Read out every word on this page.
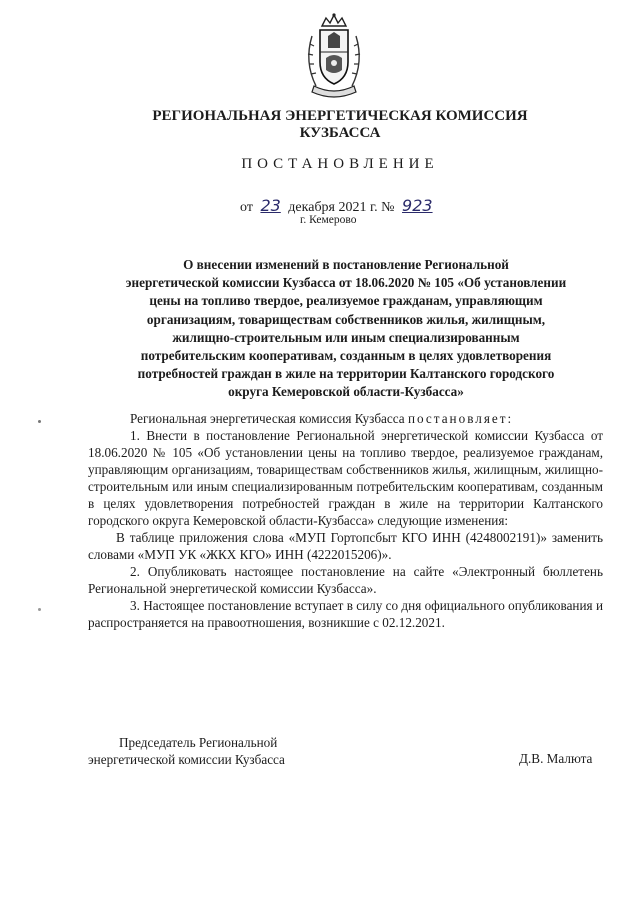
РЕГИОНАЛЬНАЯ ЭНЕРГЕТИЧЕСКАЯ КОМИССИЯ
КУЗБАССА
ПОСТАНОВЛЕНИЕ
от 23 декабря 2021 г. № 923
г. Кемерово
О внесении изменений в постановление Региональной
энергетической комиссии Кузбасса от 18.06.2020 № 105 «Об установлении
цены на топливо твердое, реализуемое гражданам, управляющим
организациям, товариществам собственников жилья, жилищным,
жилищно-строительным или иным специализированным
потребительским кооперативам, созданным в целях удовлетворения
потребностей граждан в жиле на территории Калтанского городского
округа Кемеровской области-Кузбасса»

Региональная энергетическая комиссия Кузбасса постановляет:

1. Внести в постановление Региональной энергетической комиссии Кузбасса от 18.06.2020 № 105 «Об установлении цены на топливо твердое, реализуемое гражданам, управляющим организациям, товариществам собственников жилья, жилищным, жилищно-строительным или иным специализированным потребительским кооперативам, созданным в целях удовлетворения потребностей граждан в жиле на территории Калтанского городского округа Кемеровской области-Кузбасса» следующие изменения:

В таблице приложения слова «МУП Гортопсбыт КГО ИНН (4248002191)» заменить словами «МУП УК «ЖКХ КГО» ИНН (4222015206)».

2. Опубликовать настоящее постановление на сайте «Электронный бюллетень Региональной энергетической комиссии Кузбасса».

3. Настоящее постановление вступает в силу со дня официального опубликования и распространяется на правоотношения, возникшие с 02.12.2021.

Председатель Региональной
энергетической комиссии Кузбасса	Д.В. Малюта
